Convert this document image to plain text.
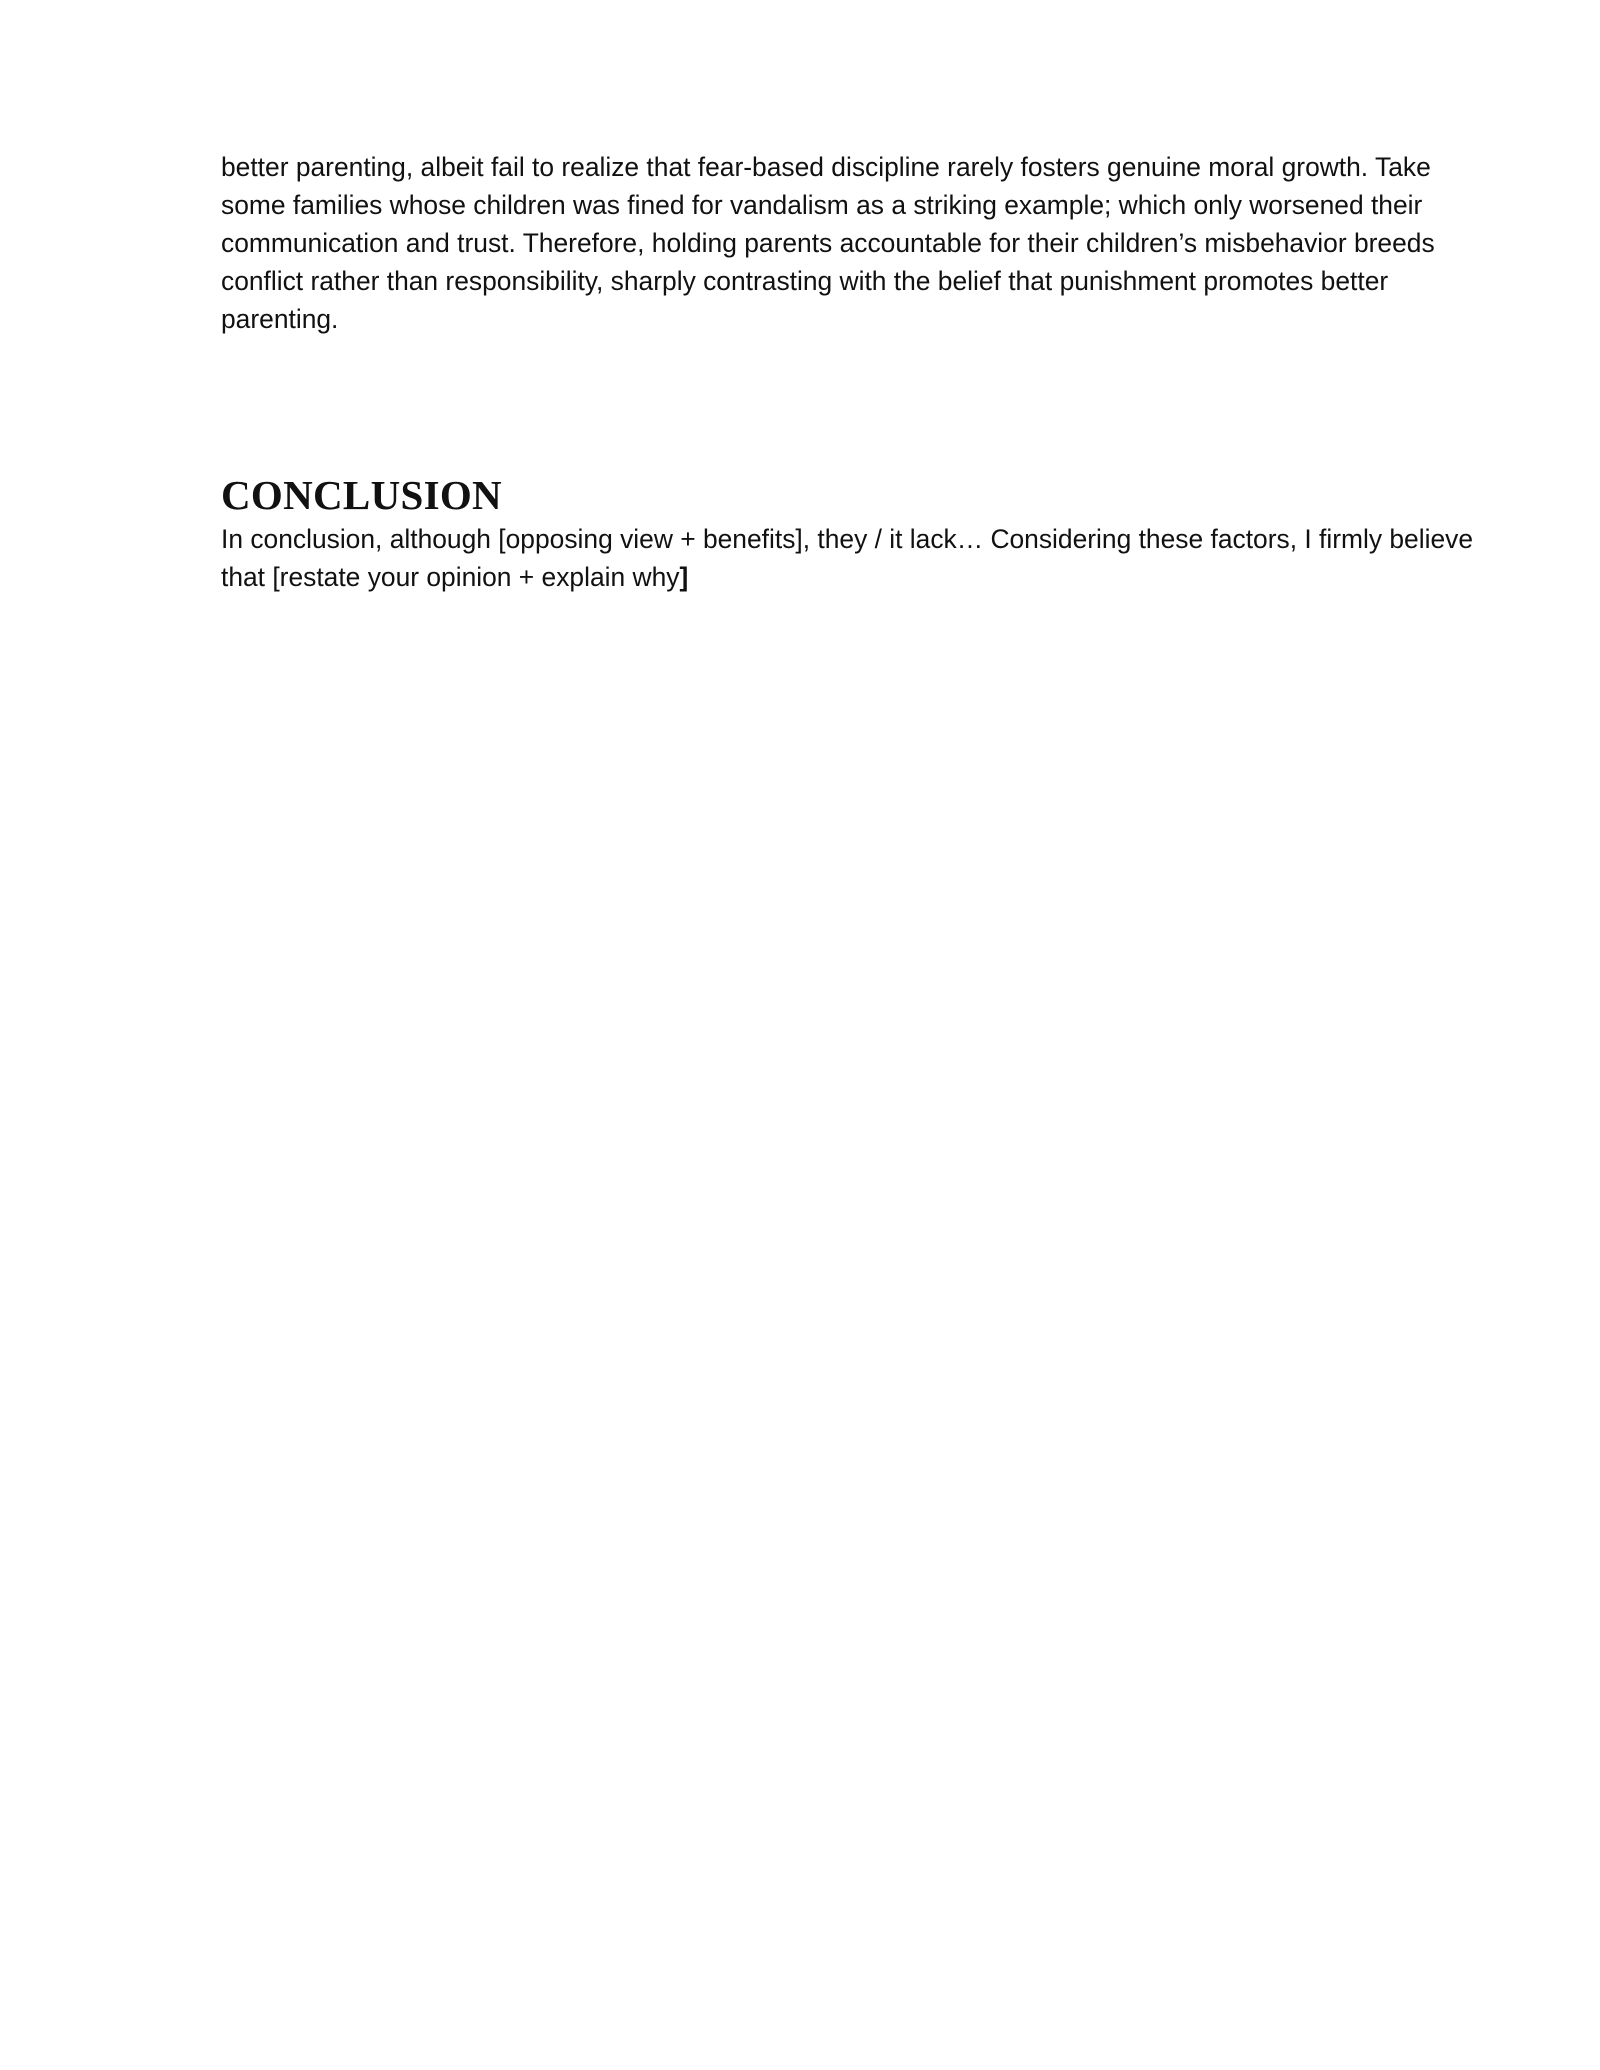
better parenting, albeit fail to realize that fear-based discipline rarely fosters genuine moral growth. Take some families whose children was fined for vandalism as a striking example; which only worsened their communication and trust. Therefore, holding parents accountable for their children’s misbehavior breeds conflict rather than responsibility, sharply contrasting with the belief that punishment promotes better parenting.

CONCLUSION

In conclusion, although [opposing view + benefits], they / it lack… Considering these factors, I firmly believe that [restate your opinion + explain why]
